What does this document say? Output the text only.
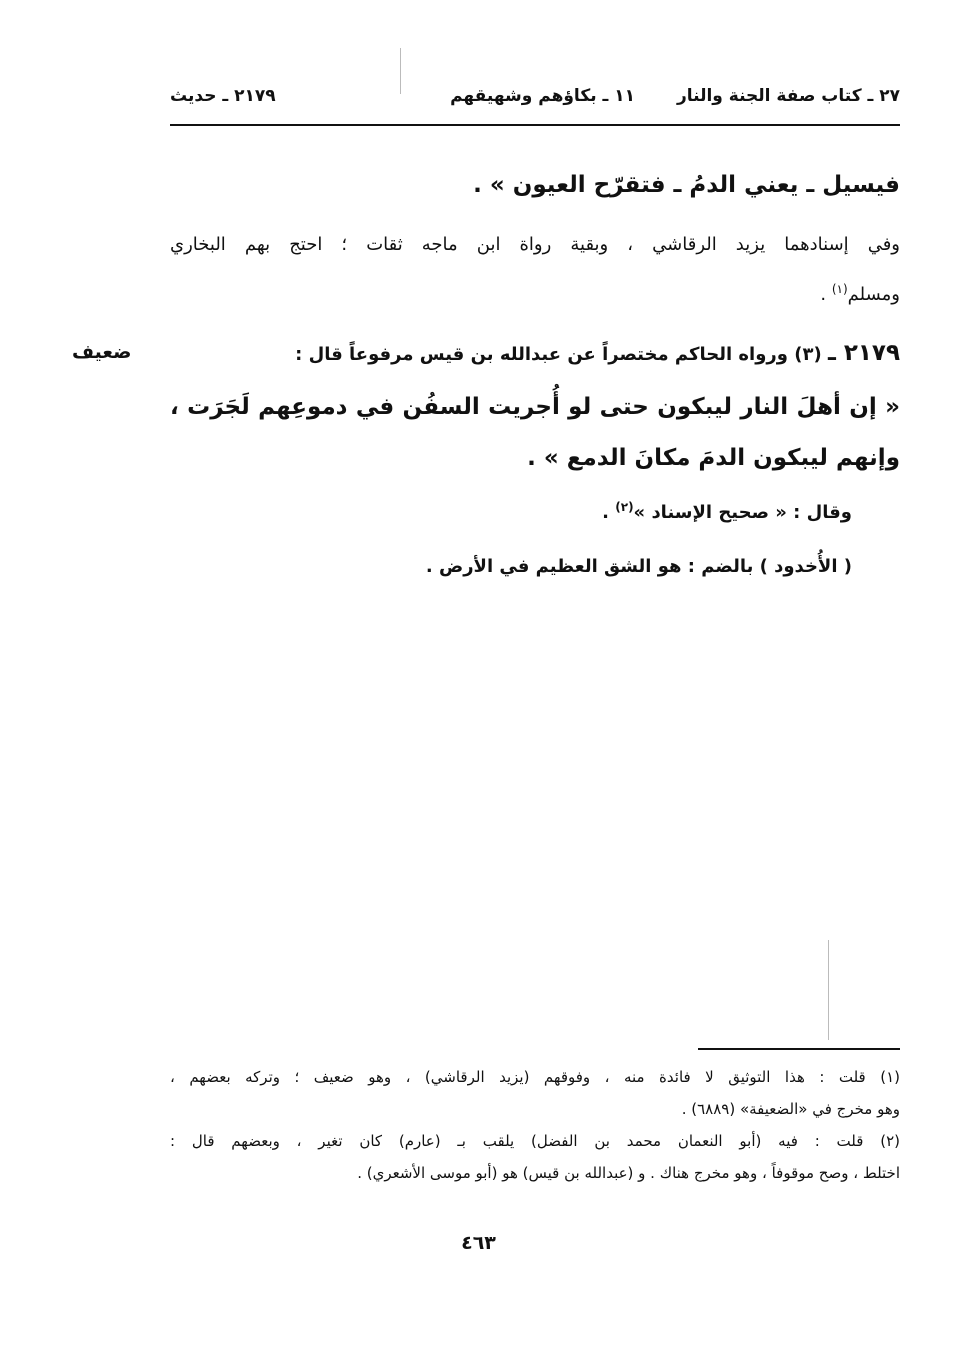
٢٧ ـ كتاب صفة الجنة والنار
١١ ـ بكاؤهم وشهيقهم
٢١٧٩ ـ حديث
فيسيل ـ يعني الدمُ ـ فتقرّح العيون » .
وفي إسنادهما يزيد الرقاشي ، وبقية رواة ابن ماجه ثقات ؛ احتج بهم البخاري
ومسلم$^{(١)}$ .
٢١٧٩ ـ (٣) ورواه الحاكم مختصراً عن عبدالله بن قيس مرفوعاً قال :
ضعيف
« إن أهلَ النار ليبكون حتى لو أُجريت السفُن في دموعِهم لَجَرَت ،
وإنهم ليبكون الدمَ مكانَ الدمع » .
وقال : « صحيح الإسناد »$^{(٢)}$ .
( الأُخدود ) بالضم : هو الشق العظيم في الأرض .
(١) قلت : هذا التوثيق لا فائدة منه ، وفوقهم (يزيد الرقاشي) ، وهو ضعيف ؛ وتركه بعضهم ،
وهو مخرج في «الضعيفة» (٦٨٨٩) .
(٢) قلت : فيه (أبو النعمان محمد بن الفضل) يلقب بـ (عارم) كان تغير ، وبعضهم قال :
اختلط ، وصح موقوفاً ، وهو مخرج هناك . و (عبدالله بن قيس) هو (أبو موسى الأشعري) .
٤٦٣
